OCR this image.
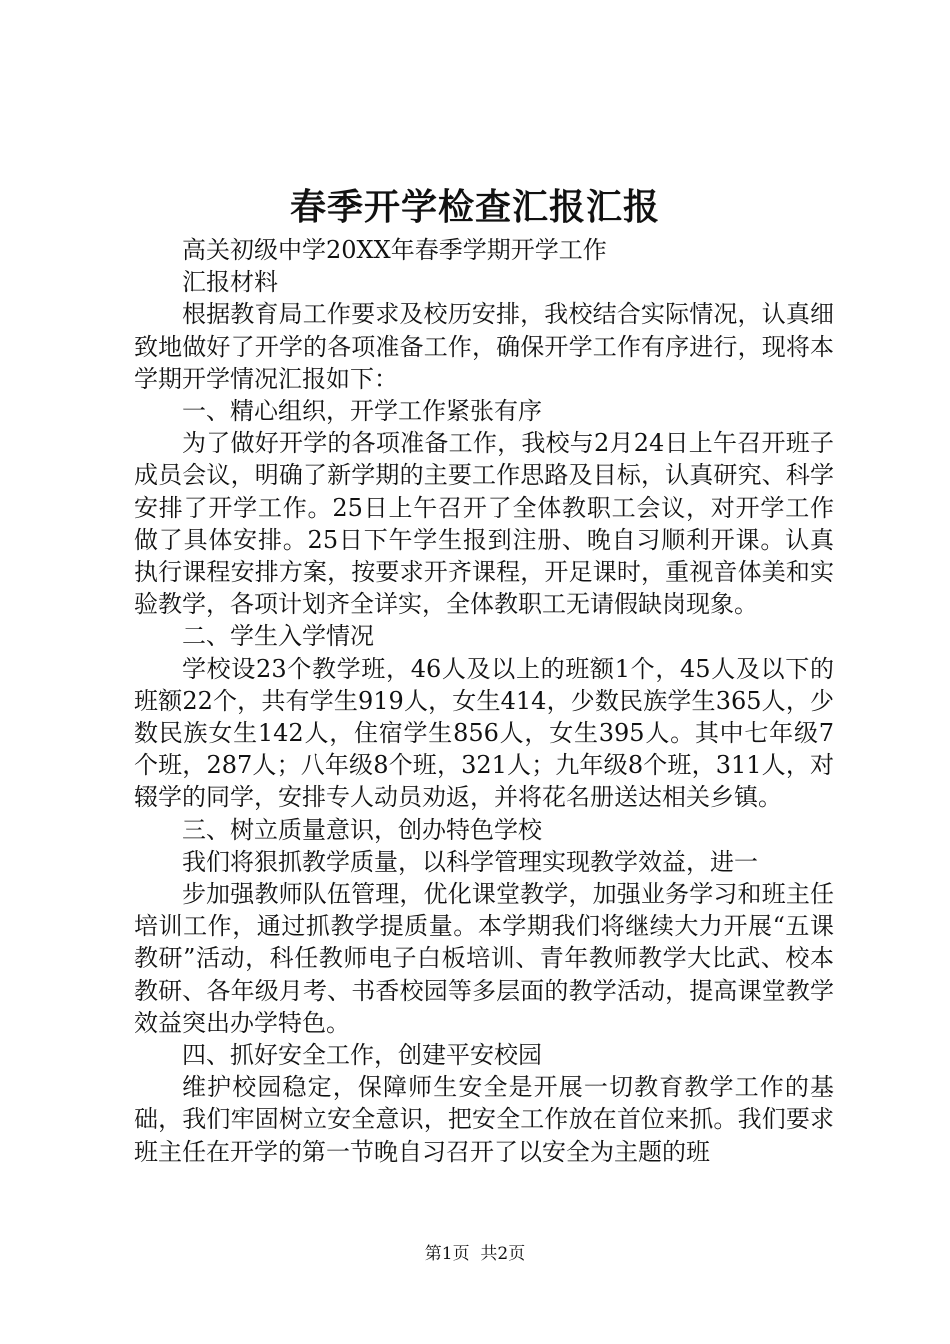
春季开学检查汇报汇报

高关初级中学20XX年春季学期开学工作

汇报材料

根据教育局工作要求及校历安排，我校结合实际情况，认真细致地做好了开学的各项准备工作，确保开学工作有序进行，现将本学期开学情况汇报如下：

一、精心组织，开学工作紧张有序

为了做好开学的各项准备工作，我校与2月24日上午召开班子成员会议，明确了新学期的主要工作思路及目标，认真研究、科学安排了开学工作。25日上午召开了全体教职工会议，对开学工作做了具体安排。25日下午学生报到注册、晚自习顺利开课。认真执行课程安排方案，按要求开齐课程，开足课时，重视音体美和实验教学，各项计划齐全详实，全体教职工无请假缺岗现象。

二、学生入学情况

学校设23个教学班，46人及以上的班额1个，45人及以下的班额22个，共有学生919人，女生414，少数民族学生365人，少数民族女生142人，住宿学生856人，女生395人。其中七年级7个班，287人；八年级8个班，321人；九年级8个班，311人，对辍学的同学，安排专人动员劝返，并将花名册送达相关乡镇。

三、树立质量意识，创办特色学校

我们将狠抓教学质量，以科学管理实现教学效益，进一

步加强教师队伍管理，优化课堂教学，加强业务学习和班主任培训工作，通过抓教学提质量。本学期我们将继续大力开展“五课教研”活动，科任教师电子白板培训、青年教师教学大比武、校本教研、各年级月考、书香校园等多层面的教学活动，提高课堂教学效益突出办学特色。

四、抓好安全工作，创建平安校园

维护校园稳定，保障师生安全是开展一切教育教学工作的基础，我们牢固树立安全意识，把安全工作放在首位来抓。我们要求班主任在开学的第一节晚自习召开了以安全为主题的班

第1页 共2页
